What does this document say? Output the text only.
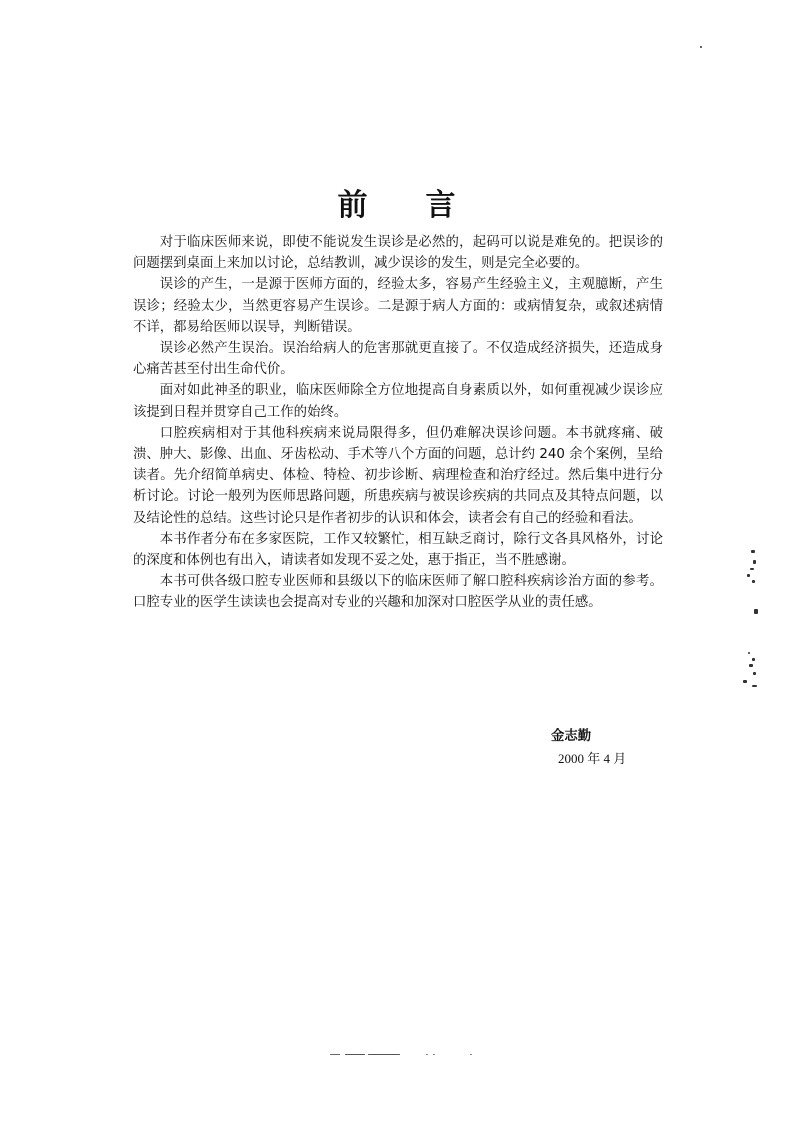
前 言

对于临床医师来说，即使不能说发生误诊是必然的，起码可以说是难免的。把误诊的问题摆到桌面上来加以讨论，总结教训，减少误诊的发生，则是完全必要的。

误诊的产生，一是源于医师方面的，经验太多，容易产生经验主义，主观臆断，产生误诊；经验太少，当然更容易产生误诊。二是源于病人方面的：或病情复杂，或叙述病情不详，都易给医师以误导，判断错误。

误诊必然产生误治。误治给病人的危害那就更直接了。不仅造成经济损失，还造成身心痛苦甚至付出生命代价。

面对如此神圣的职业，临床医师除全方位地提高自身素质以外，如何重视减少误诊应该提到日程并贯穿自己工作的始终。

口腔疾病相对于其他科疾病来说局限得多，但仍难解决误诊问题。本书就疼痛、破溃、肿大、影像、出血、牙齿松动、手术等八个方面的问题，总计约 240 余个案例，呈给读者。先介绍简单病史、体检、特检、初步诊断、病理检查和治疗经过。然后集中进行分析讨论。讨论一般列为医师思路问题，所患疾病与被误诊疾病的共同点及其特点问题，以及结论性的总结。这些讨论只是作者初步的认识和体会，读者会有自己的经验和看法。

本书作者分布在多家医院，工作又较繁忙，相互缺乏商讨，除行文各具风格外，讨论的深度和体例也有出入，请读者如发现不妥之处，惠于指正，当不胜感谢。

本书可供各级口腔专业医师和县级以下的临床医师了解口腔科疾病诊治方面的参考。口腔专业的医学生读读也会提高对专业的兴趣和加深对口腔医学从业的责任感。

金志勤
2000 年 4 月
